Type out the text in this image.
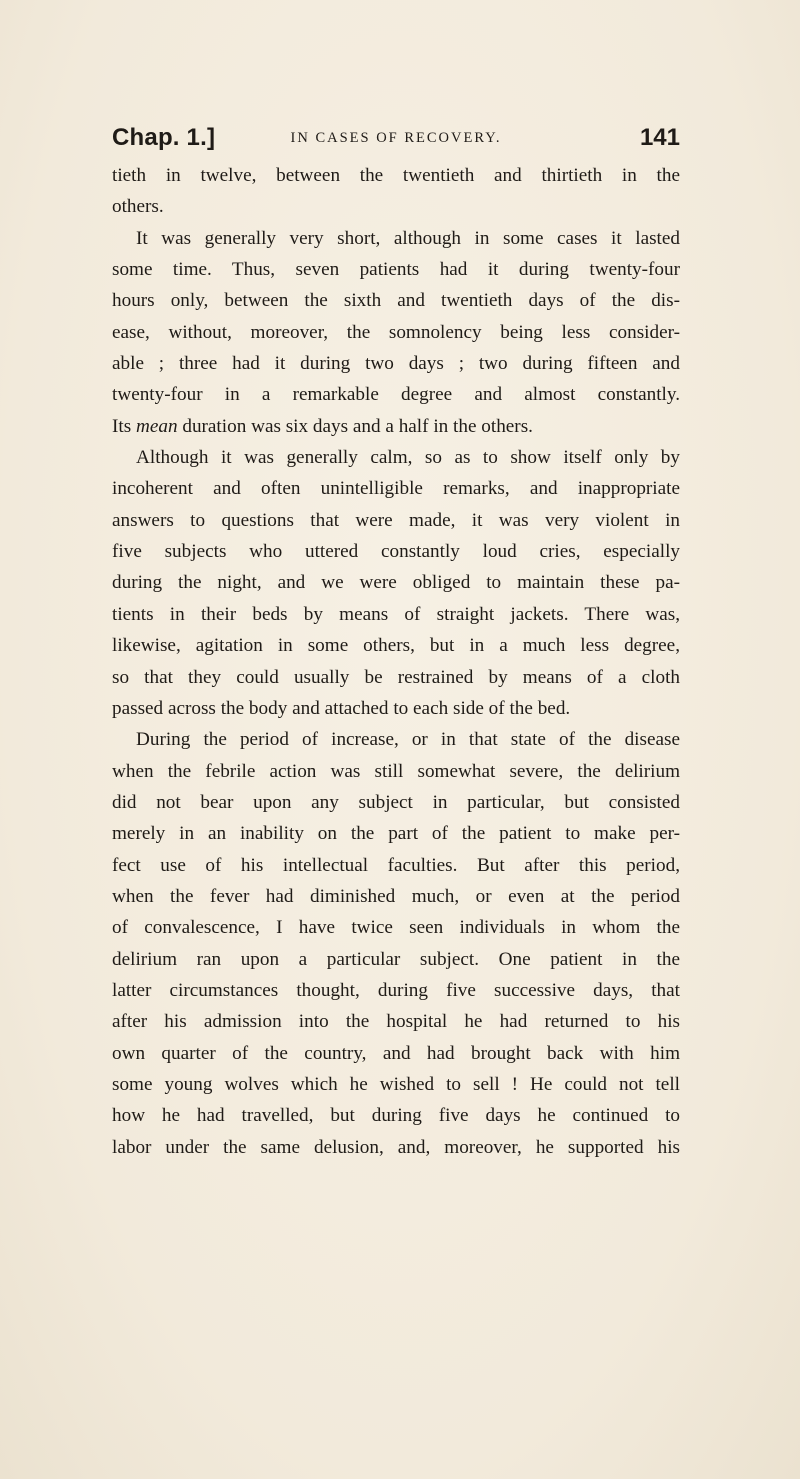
Chap. 1.]	IN CASES OF RECOVERY.	141
tieth in twelve, between the twentieth and thirtieth in the
others.
It was generally very short, although in some cases it lasted
some time. Thus, seven patients had it during twenty-four
hours only, between the sixth and twentieth days of the dis-
ease, without, moreover, the somnolency being less consider-
able ; three had it during two days ; two during fifteen and
twenty-four in a remarkable degree and almost constantly.
Its mean duration was six days and a half in the others.
Although it was generally calm, so as to show itself only by
incoherent and often unintelligible remarks, and inappropriate
answers to questions that were made, it was very violent in
five subjects who uttered constantly loud cries, especially
during the night, and we were obliged to maintain these pa-
tients in their beds by means of straight jackets. There was,
likewise, agitation in some others, but in a much less degree,
so that they could usually be restrained by means of a cloth
passed across the body and attached to each side of the bed.
During the period of increase, or in that state of the disease
when the febrile action was still somewhat severe, the delirium
did not bear upon any subject in particular, but consisted
merely in an inability on the part of the patient to make per-
fect use of his intellectual faculties. But after this period,
when the fever had diminished much, or even at the period
of convalescence, I have twice seen individuals in whom the
delirium ran upon a particular subject. One patient in the
latter circumstances thought, during five successive days, that
after his admission into the hospital he had returned to his
own quarter of the country, and had brought back with him
some young wolves which he wished to sell ! He could not tell
how he had travelled, but during five days he continued to
labor under the same delusion, and, moreover, he supported his
